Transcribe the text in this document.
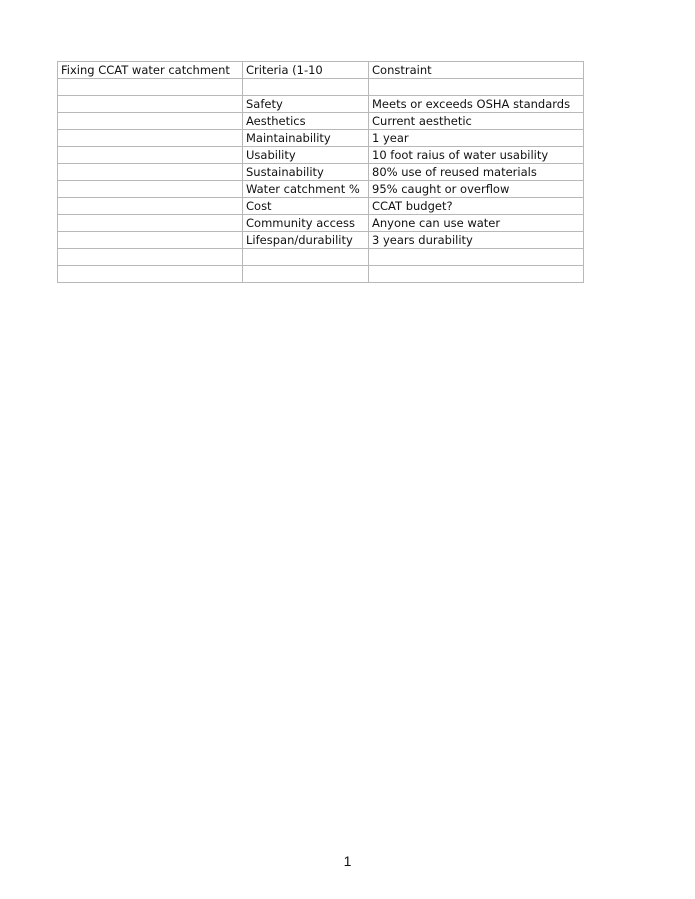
Fixing CCAT water catchment	Criteria (1-10	Constraint

	Safety	Meets or exceeds OSHA standards
	Aesthetics	Current aesthetic
	Maintainability	1 year
	Usability	10 foot raius of water usability
	Sustainability	80% use of reused materials
	Water catchment %	95% caught or overflow
	Cost	CCAT budget?
	Community access	Anyone can use water
	Lifespan/durability	3 years durability

1
